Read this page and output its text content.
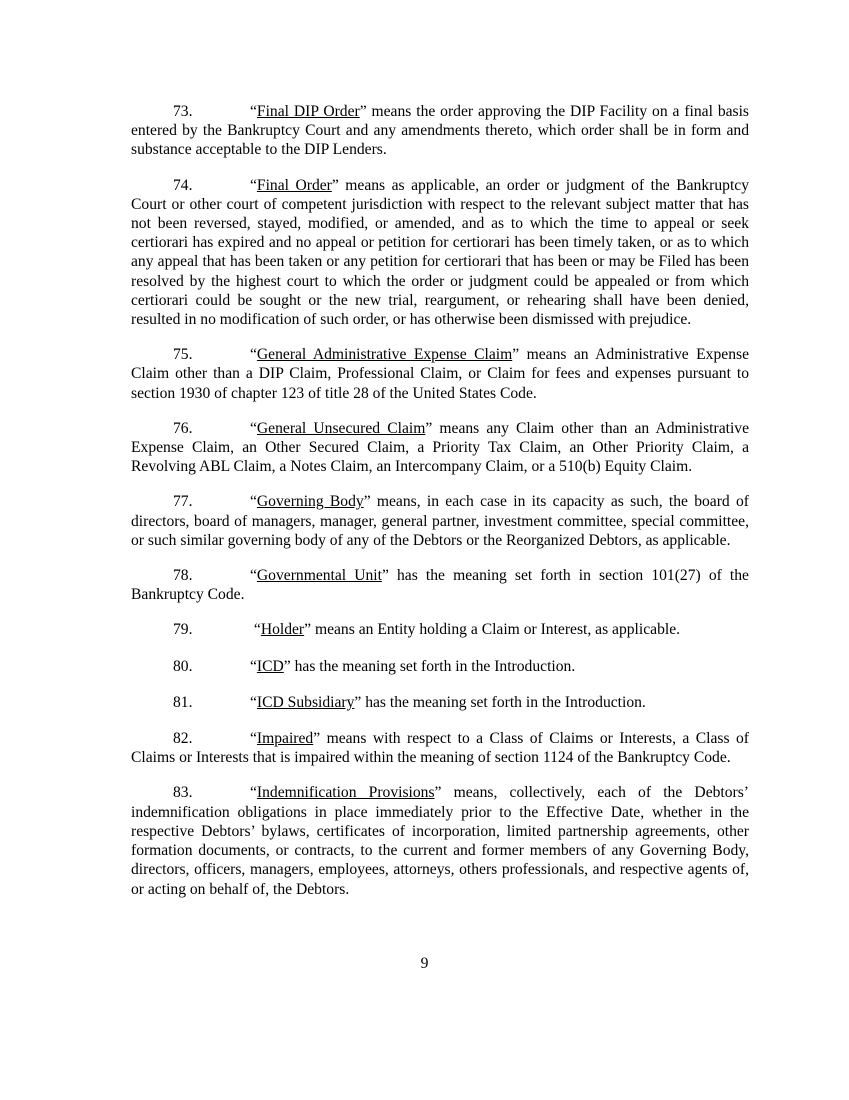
73.	“Final DIP Order” means the order approving the DIP Facility on a final basis entered by the Bankruptcy Court and any amendments thereto, which order shall be in form and substance acceptable to the DIP Lenders.

74.	“Final Order” means as applicable, an order or judgment of the Bankruptcy Court or other court of competent jurisdiction with respect to the relevant subject matter that has not been reversed, stayed, modified, or amended, and as to which the time to appeal or seek certiorari has expired and no appeal or petition for certiorari has been timely taken, or as to which any appeal that has been taken or any petition for certiorari that has been or may be Filed has been resolved by the highest court to which the order or judgment could be appealed or from which certiorari could be sought or the new trial, reargument, or rehearing shall have been denied, resulted in no modification of such order, or has otherwise been dismissed with prejudice.

75.	“General Administrative Expense Claim” means an Administrative Expense Claim other than a DIP Claim, Professional Claim, or Claim for fees and expenses pursuant to section 1930 of chapter 123 of title 28 of the United States Code.

76.	“General Unsecured Claim” means any Claim other than an Administrative Expense Claim, an Other Secured Claim, a Priority Tax Claim, an Other Priority Claim, a Revolving ABL Claim, a Notes Claim, an Intercompany Claim, or a 510(b) Equity Claim.

77.	“Governing Body” means, in each case in its capacity as such, the board of directors, board of managers, manager, general partner, investment committee, special committee, or such similar governing body of any of the Debtors or the Reorganized Debtors, as applicable.

78.	“Governmental Unit” has the meaning set forth in section 101(27) of the Bankruptcy Code.

79.	“Holder” means an Entity holding a Claim or Interest, as applicable.

80.	“ICD” has the meaning set forth in the Introduction.

81.	“ICD Subsidiary” has the meaning set forth in the Introduction.

82.	“Impaired” means with respect to a Class of Claims or Interests, a Class of Claims or Interests that is impaired within the meaning of section 1124 of the Bankruptcy Code.

83.	“Indemnification Provisions” means, collectively, each of the Debtors’ indemnification obligations in place immediately prior to the Effective Date, whether in the respective Debtors’ bylaws, certificates of incorporation, limited partnership agreements, other formation documents, or contracts, to the current and former members of any Governing Body, directors, officers, managers, employees, attorneys, others professionals, and respective agents of, or acting on behalf of, the Debtors.

9
